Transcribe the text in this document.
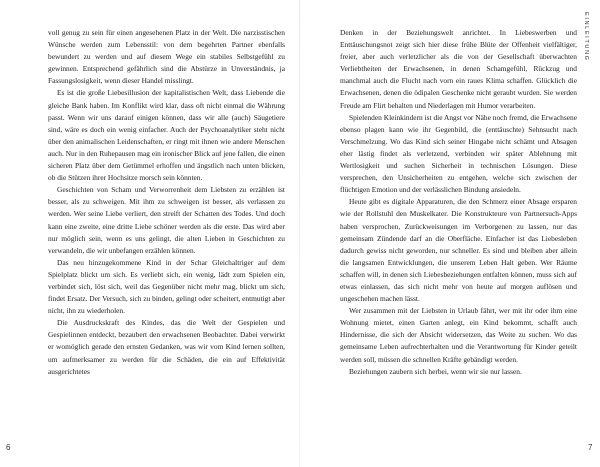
voll genug zu sein für einen angesehenen Platz in der Welt. Die narzisstischen Wünsche werden zum Lebensstil: von dem begehrten Partner ebenfalls bewundert zu werden und auf diesem Wege ein stabiles Selbstgefühl zu gewinnen. Entsprechend gefährlich sind die Abstürze in Unverständnis, ja Fassungslosigkeit, wenn dieser Handel misslingt.

Es ist die große Liebesillusion der kapitalistischen Welt, dass Liebende die gleiche Bank haben. Im Konflikt wird klar, dass oft nicht einmal die Währung passt. Wenn wir uns darauf einigen können, dass wir alle (auch) Säugetiere sind, wäre es doch ein wenig einfacher. Auch der Psychoanalytiker steht nicht über den animalischen Leidenschaften, er ringt mit ihnen wie andere Menschen auch. Nur in den Ruhepausen mag ein ironischer Blick auf jene fallen, die einen sicheren Platz über dem Getümmel erhoffen und ängstlich nach unten blicken, ob die Stützen ihrer Hochsitze morsch sein könnten.

Geschichten von Scham und Verworrenheit dem Liebsten zu erzählen ist besser, als zu schweigen. Mit ihm zu schweigen ist besser, als verlassen zu werden. Wer seine Liebe verliert, den streift der Schatten des Todes. Und doch kann eine zweite, eine dritte Liebe schöner werden als die erste. Das wird aber nur möglich sein, wenn es uns gelingt, die alten Lieben in Geschichten zu verwandeln, die wir unbefangen erzählen können.

Das neu hinzugekommene Kind in der Schar Gleichaltriger auf dem Spielplatz blickt um sich. Es verliebt sich, ein wenig, lädt zum Spielen ein, verbindet sich, löst sich, weil das Gegenüber nicht mehr mag, blickt um sich, findet Ersatz. Der Versuch, sich zu binden, gelingt oder scheitert, entmutigt aber nicht, ihn zu wiederholen.

Die Ausdruckskraft des Kindes, das die Welt der Gespielen und Gespielinnen entdeckt, bezaubert den erwachsenen Beobachter. Dabei verwirkt er womöglich gerade den ernsten Gedanken, was wir vom Kind lernen sollten, um aufmerksamer zu werden für die Schäden, die ein auf Effektivität ausgerichtetes

Denken in der Beziehungswelt anrichtet. In Liebeswerben und Enttäuschungsnot zeigt sich hier diese frühe Blüte der Offenheit vielfältiger, freier, aber auch verletzlicher als die von der Gesellschaft überwachten Verliebtheiten der Erwachsenen, in denen Schamgefühl, Rückzug und manchmal auch die Flucht nach vorn ein raues Klima schaffen. Glücklich die Erwachsenen, denen die ödipalen Geschenke nicht geraubt wurden. Sie werden Freude am Flirt behalten und Niederlagen mit Humor verarbeiten.

Spielenden Kleinkindern ist die Angst vor Nähe noch fremd, die Erwachsene ebenso plagen kann wie ihr Gegenbild, die (enttäuschte) Sehnsucht nach Verschmelzung. Wo das Kind sich seiner Hingabe nicht schämt und Absagen eher lästig findet als verletzend, verbinden wir später Ablehnung mit Wertlosigkeit und suchen Sicherheit in technischen Lösungen. Diese versprechen, den Unsicherheiten zu entgehen, welche sich zwischen der flüchtigen Emotion und der verlässlichen Bindung ansiedeln.

Heute gibt es digitale Apparaturen, die den Schmerz einer Absage ersparen wie der Rollstuhl den Muskelkater. Die Konstrukteure von Partnersuch-Apps haben versprochen, Zurückweisungen im Verborgenen zu lassen, nur das gemeinsam Zündende darf an die Oberfläche. Einfacher ist das Liebesleben dadurch gewiss nicht geworden, nur schneller. Es sind und bleiben aber allein die langsamen Entwicklungen, die unserem Leben Halt geben. Wer Räume schaffen will, in denen sich Liebesbeziehungen entfalten können, muss sich auf etwas einlassen, das sich nicht mehr von heute auf morgen auflösen und ungeschehen machen lässt.

Wer zusammen mit der Liebsten in Urlaub fährt, wer mit ihr oder ihm eine Wohnung mietet, einen Garten anlegt, ein Kind bekommt, schafft auch Hindernisse, die sich der Absicht widersetzen, das Weite zu suchen. Wo das gemeinsame Leben aufrechterhalten und die Verantwortung für Kinder geteilt werden soll, müssen die schnellen Kräfte gebändigt werden.

Beziehungen zaubern sich herbei, wenn wir sie nur lassen.

EINLEITUNG
6	7
